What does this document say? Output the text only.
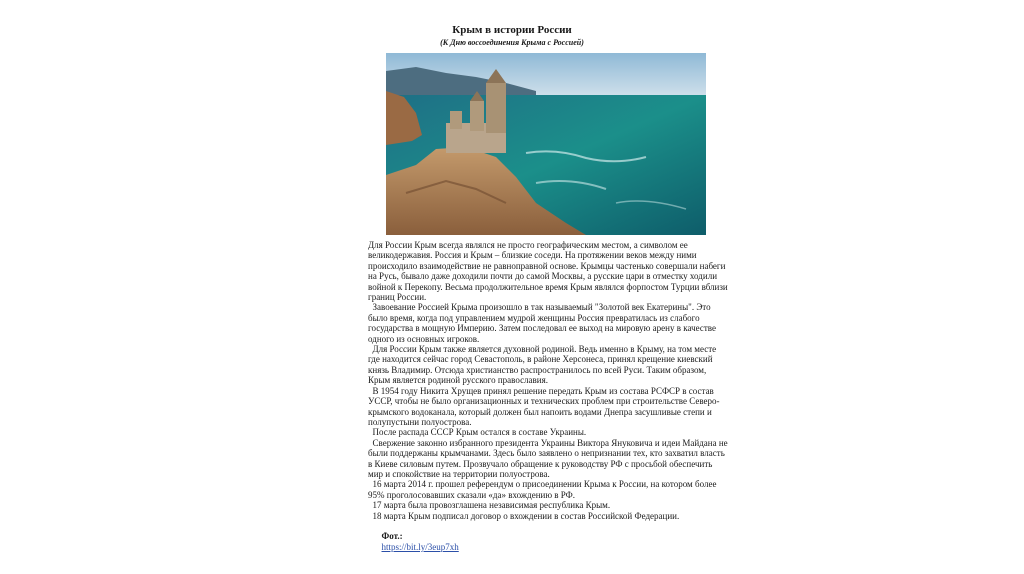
Крым в истории России
(К Дню воссоединения Крыма с Россией)

Для России Крым всегда являлся не просто географическим местом, а символом ее великодержавия. Россия и Крым – близкие соседи. На протяжении веков между ними происходило взаимодействие не равноправной основе. Крымцы частенько совершали набеги на Русь, бывало даже доходили почти до самой Москвы, а русские цари в отместку ходили войной к Перекопу. Весьма продолжительное время Крым являлся форпостом Турции вблизи границ России.

Завоевание Россией Крыма произошло в так называемый "Золотой век Екатерины". Это было время, когда под управлением мудрой женщины Россия превратилась из слабого государства в мощную Империю. Затем последовал ее выход на мировую арену в качестве одного из основных игроков.

Для России Крым также является духовной родиной. Ведь именно в Крыму, на том месте где находится сейчас город Севастополь, в районе Херсонеса, принял крещение киевский князь Владимир. Отсюда христианство распространилось по всей Руси. Таким образом, Крым является родиной русского православия.

В 1954 году Никита Хрущев принял решение передать Крым из состава РСФСР в состав УССР, чтобы не было организационных и технических проблем при строительстве Северо-крымского водоканала, который должен был напоить водами Днепра засушливые степи и полупустыни полуострова.

После распада СССР Крым остался в составе Украины.

Свержение законно избранного президента Украины Виктора Януковича и идеи Майдана не были поддержаны крымчанами. Здесь было заявлено о непризнании тех, кто захватил власть в Киеве силовым путем. Прозвучало обращение к руководству РФ с просьбой обеспечить мир и спокойствие на территории полуострова.

16 марта 2014 г. прошел референдум о присоединении Крыма к России, на котором более 95% проголосовавших сказали «да» вхождению в РФ.

17 марта была провозглашена независимая республика Крым.

18 марта Крым подписал договор о вхождении в состав Российской Федерации.

Фот.:
https://bit.ly/3eup7xh
